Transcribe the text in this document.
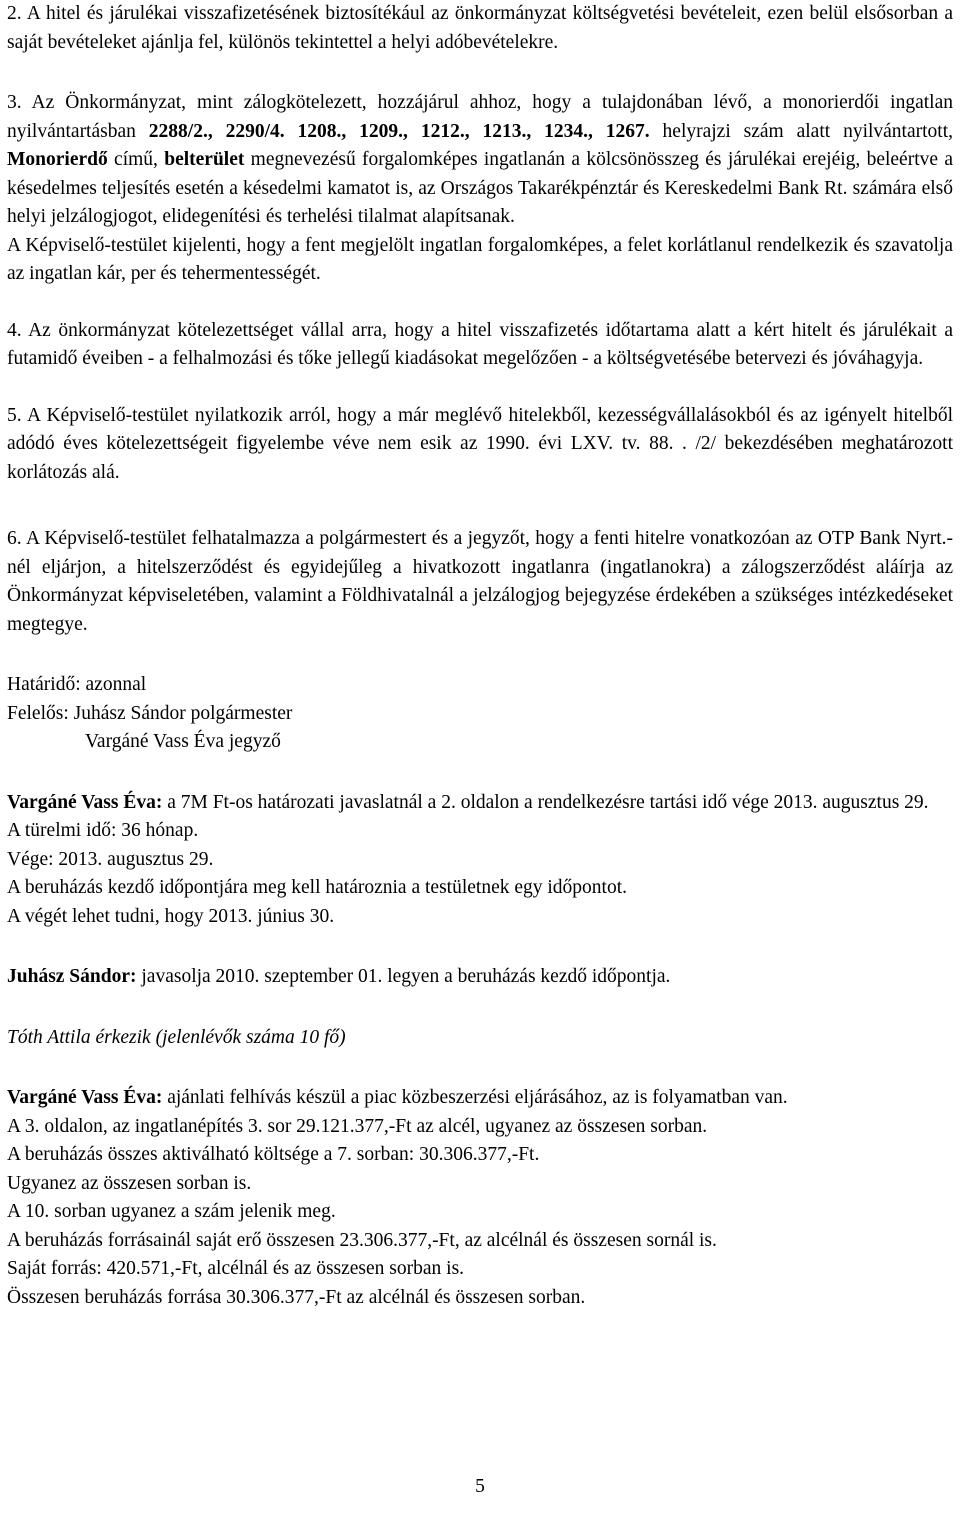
2. A hitel és járulékai visszafizetésének biztosítékául az önkormányzat költségvetési bevételeit, ezen belül elsősorban a saját bevételeket ajánlja fel, különös tekintettel a helyi adóbevételekre.

3. Az Önkormányzat, mint zálogkötelezett, hozzájárul ahhoz, hogy a tulajdonában lévő, a monorierdői ingatlan nyilvántartásban 2288/2., 2290/4. 1208., 1209., 1212., 1213., 1234., 1267. helyrajzi szám alatt nyilvántartott, Monorierdő című, belterület megnevezésű forgalomképes ingatlanán a kölcsönösszeg és járulékai erejéig, beleértve a késedelmes teljesítés esetén a késedelmi kamatot is, az Országos Takarékpénztár és Kereskedelmi Bank Rt. számára első helyi jelzálogjogot, elidegenítési és terhelési tilalmat alapítsanak.

A Képviselő-testület kijelenti, hogy a fent megjelölt ingatlan forgalomképes, a felet korlátlanul rendelkezik és szavatolja az ingatlan kár, per és tehermentességét.

4. Az önkormányzat kötelezettséget vállal arra, hogy a hitel visszafizetés időtartama alatt a kért hitelt és járulékait a futamidő éveiben - a felhalmozási és tőke jellegű kiadásokat megelőzően - a költségvetésébe betervezi és jóváhagyja.

5. A Képviselő-testület nyilatkozik arról, hogy a már meglévő hitelekből, kezességvállalásokból és az igényelt hitelből adódó éves kötelezettségeit figyelembe véve nem esik az 1990. évi LXV. tv. 88. . /2/ bekezdésében meghatározott korlátozás alá.

6. A Képviselő-testület felhatalmazza a polgármestert és a jegyzőt, hogy a fenti hitelre vonatkozóan az OTP Bank Nyrt.-nél eljárjon, a hitelszerződést és egyidejűleg a hivatkozott ingatlanra (ingatlanokra) a zálogszerződést aláírja az Önkormányzat képviseletében, valamint a Földhivatalnál a jelzálogjog bejegyzése érdekében a szükséges intézkedéseket megtegye.

Határidő: azonnal

Felelős: Juhász Sándor polgármester

Vargáné Vass Éva jegyző

Vargáné Vass Éva: a 7M Ft-os határozati javaslatnál a 2. oldalon a rendelkezésre tartási idő vége 2013. augusztus 29.

A türelmi idő: 36 hónap.

Vége: 2013. augusztus 29.

A beruházás kezdő időpontjára meg kell határoznia a testületnek egy időpontot.

A végét lehet tudni, hogy 2013. június 30.

Juhász Sándor: javasolja 2010. szeptember 01. legyen a beruházás kezdő időpontja.

Tóth Attila érkezik (jelenlévők száma 10 fő)

Vargáné Vass Éva: ajánlati felhívás készül a piac közbeszerzési eljárásához, az is folyamatban van.

A 3. oldalon, az ingatlanépítés 3. sor 29.121.377,-Ft az alcél, ugyanez az összesen sorban.

A beruházás összes aktiválható költsége a 7. sorban: 30.306.377,-Ft.

Ugyanez az összesen sorban is.

A 10. sorban ugyanez a szám jelenik meg.

A beruházás forrásainál saját erő összesen 23.306.377,-Ft, az alcélnál és összesen sornál is.

Saját forrás: 420.571,-Ft, alcélnál és az összesen sorban is.

Összesen beruházás forrása 30.306.377,-Ft az alcélnál és összesen sorban.

5
